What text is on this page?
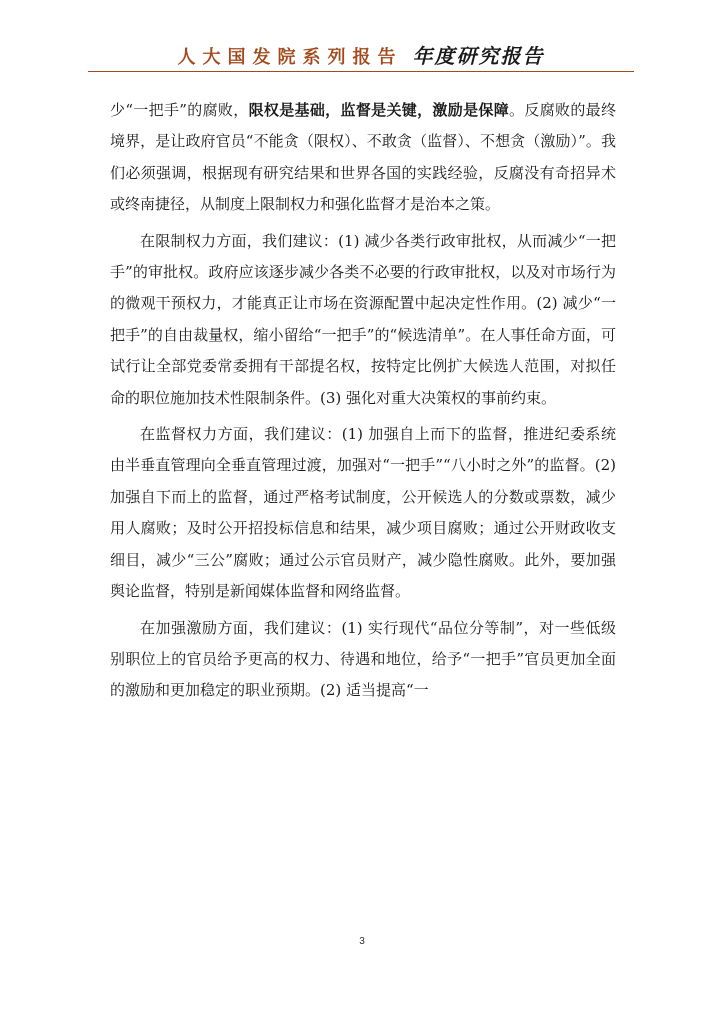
人大国发院系列报告 年度研究报告

少“一把手”的腐败，限权是基础，监督是关键，激励是保障。反腐败的最终境界，是让政府官员“不能贪（限权）、不敢贪（监督）、不想贪（激励）”。我们必须强调，根据现有研究结果和世界各国的实践经验，反腐没有奇招异术或终南捷径，从制度上限制权力和强化监督才是治本之策。

在限制权力方面，我们建议：(1) 减少各类行政审批权，从而减少“一把手”的审批权。政府应该逐步减少各类不必要的行政审批权，以及对市场行为的微观干预权力，才能真正让市场在资源配置中起决定性作用。(2) 减少“一把手”的自由裁量权，缩小留给“一把手”的“候选清单”。在人事任命方面，可试行让全部党委常委拥有干部提名权，按特定比例扩大候选人范围，对拟任命的职位施加技术性限制条件。(3) 强化对重大决策权的事前约束。

在监督权力方面，我们建议：(1) 加强自上而下的监督，推进纪委系统由半垂直管理向全垂直管理过渡，加强对“一把手”“八小时之外”的监督。(2) 加强自下而上的监督，通过严格考试制度，公开候选人的分数或票数，减少用人腐败；及时公开招投标信息和结果，减少项目腐败；通过公开财政收支细目，减少“三公”腐败；通过公示官员财产，减少隐性腐败。此外，要加强舆论监督，特别是新闻媒体监督和网络监督。

在加强激励方面，我们建议：(1) 实行现代“品位分等制”，对一些低级别职位上的官员给予更高的权力、待遇和地位，给予“一把手”官员更加全面的激励和更加稳定的职业预期。(2) 适当提高“一

3
